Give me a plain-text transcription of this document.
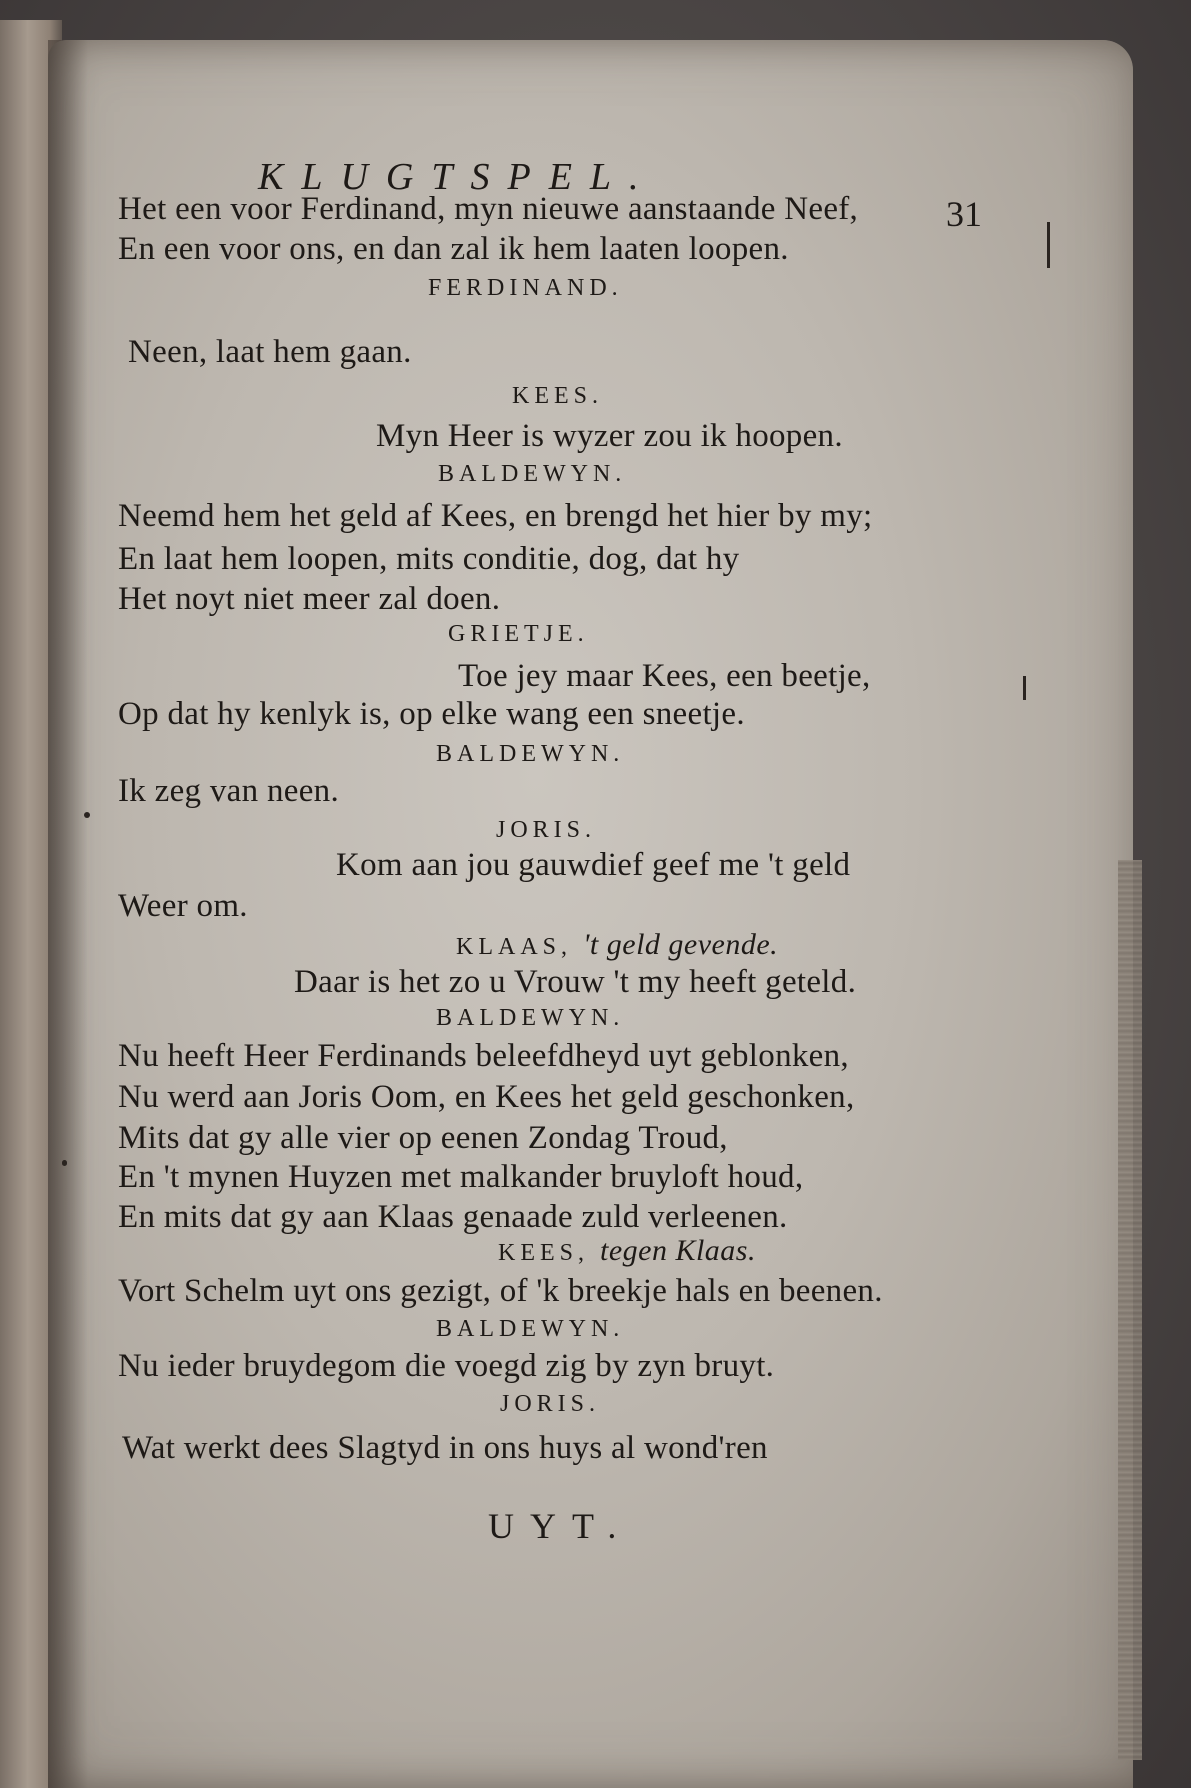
KLUGTSPEL.
31
Het een voor Ferdinand, myn nieuwe aanstaande Neef,
En een voor ons, en dan zal ik hem laaten loopen.
FERDINAND.
Neen, laat hem gaan.
KEES.
Myn Heer is wyzer zou ik hoopen.
BALDEWYN.
Neemd hem het geld af Kees, en brengd het hier by my;
En laat hem loopen, mits conditie, dog, dat hy
Het noyt niet meer zal doen.
GRIETJE.
Toe jey maar Kees, een beetje,
Op dat hy kenlyk is, op elke wang een sneetje.
BALDEWYN.
Ik zeg van neen.
JORIS.
Kom aan jou gauwdief geef me 't geld
Weer om.
KLAAS, 't geld gevende.
Daar is het zo u Vrouw 't my heeft geteld.
BALDEWYN.
Nu heeft Heer Ferdinands beleefdheyd uyt geblonken,
Nu werd aan Joris Oom, en Kees het geld geschonken,
Mits dat gy alle vier op eenen Zondag Troud,
En 't mynen Huyzen met malkander bruyloft houd,
En mits dat gy aan Klaas genaade zuld verleenen.
KEES, tegen Klaas.
Vort Schelm uyt ons gezigt, of 'k breekje hals en beenen.
BALDEWYN.
Nu ieder bruydegom die voegd zig by zyn bruyt.
JORIS.
Wat werkt dees Slagtyd in ons huys al wond'ren
UYT.
